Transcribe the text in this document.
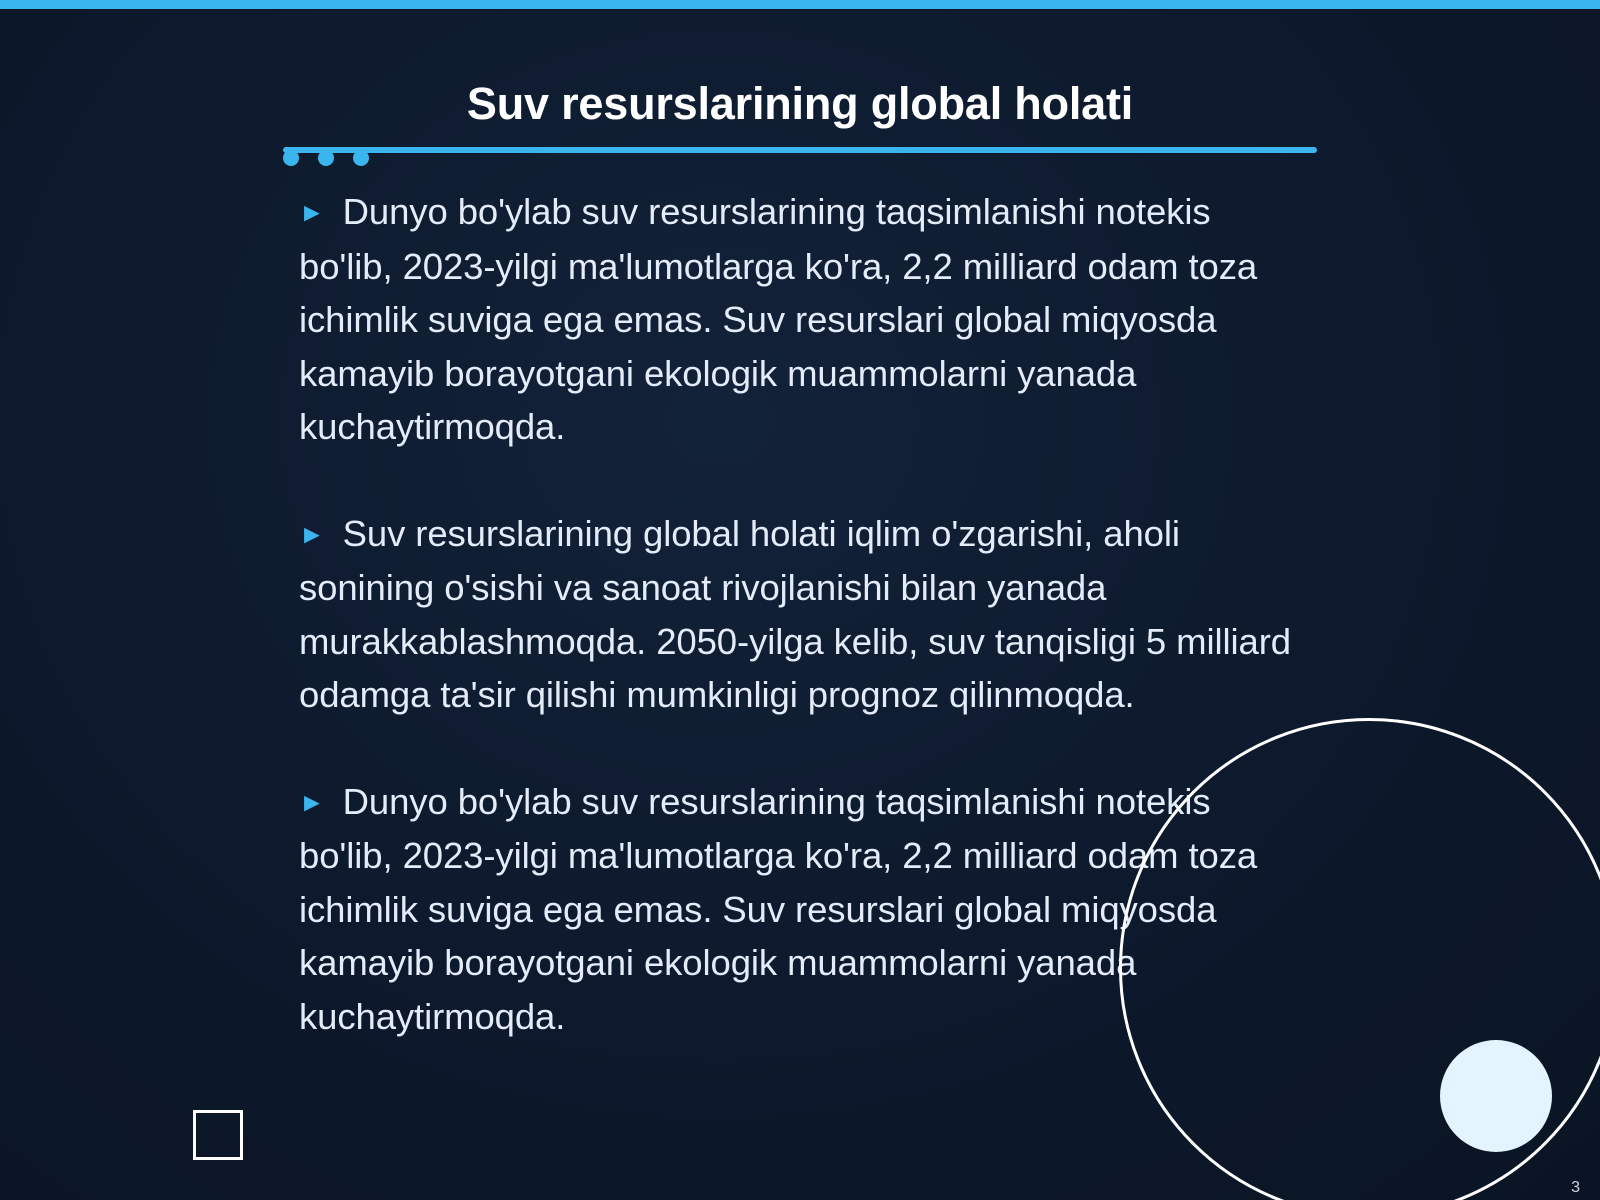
Suv resurslarining global holati

► Dunyo bo'ylab suv resurslarining taqsimlanishi notekis bo'lib, 2023-yilgi ma'lumotlarga ko'ra, 2,2 milliard odam toza ichimlik suviga ega emas. Suv resurslari global miqyosda kamayib borayotgani ekologik muammolarni yanada kuchaytirmoqda.

► Suv resurslarining global holati iqlim o'zgarishi, aholi sonining o'sishi va sanoat rivojlanishi bilan yanada murakkablashmoqda. 2050-yilga kelib, suv tanqisligi 5 milliard odamga ta'sir qilishi mumkinligi prognoz qilinmoqda.

► Dunyo bo'ylab suv resurslarining taqsimlanishi notekis bo'lib, 2023-yilgi ma'lumotlarga ko'ra, 2,2 milliard odam toza ichimlik suviga ega emas. Suv resurslari global miqyosda kamayib borayotgani ekologik muammolarni yanada kuchaytirmoqda.

3
